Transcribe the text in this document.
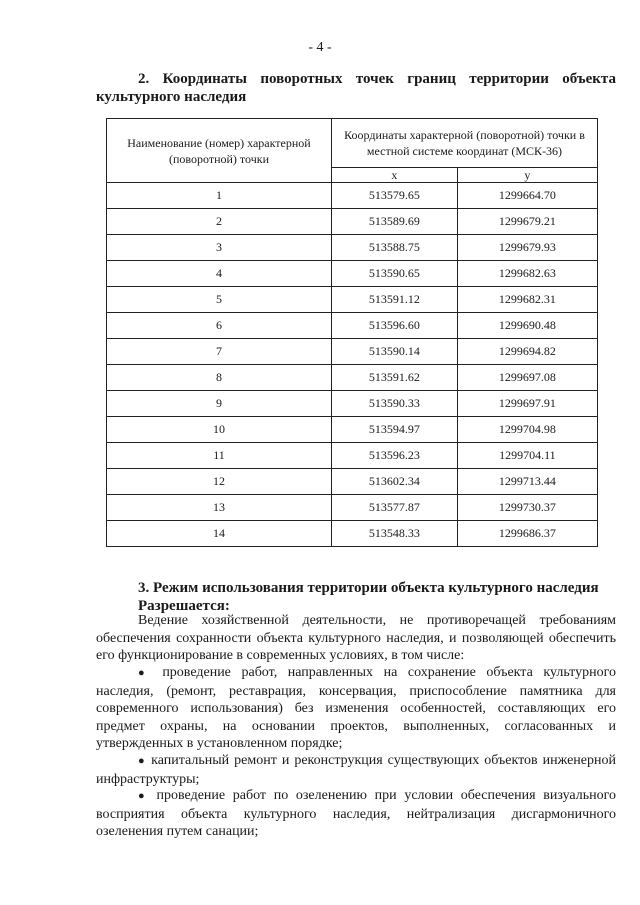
- 4 -
2. Координаты поворотных точек границ территории объекта
культурного наследия
Наименование (номер) характерной (поворотной) точки	Координаты характерной (поворотной) точки в местной системе координат (МСК-36)	
	x	y
1	513579.65	1299664.70
2	513589.69	1299679.21
3	513588.75	1299679.93
4	513590.65	1299682.63
5	513591.12	1299682.31
6	513596.60	1299690.48
7	513590.14	1299694.82
8	513591.62	1299697.08
9	513590.33	1299697.91
10	513594.97	1299704.98
11	513596.23	1299704.11
12	513602.34	1299713.44
13	513577.87	1299730.37
14	513548.33	1299686.37
3. Режим использования территории объекта культурного наследия
Разрешается:
Ведение хозяйственной деятельности, не противоречащей требованиям обеспечения сохранности объекта культурного наследия, и позволяющей обеспечить его функционирование в современных условиях, в том числе:
● проведение работ, направленных на сохранение объекта культурного наследия, (ремонт, реставрация, консервация, приспособление памятника для современного использования) без изменения особенностей, составляющих его предмет охраны, на основании проектов, выполненных, согласованных и утвержденных в установленном порядке;
● капитальный ремонт и реконструкция существующих объектов инженерной инфраструктуры;
● проведение работ по озеленению при условии обеспечения визуального восприятия объекта культурного наследия, нейтрализация дисгармоничного озеленения путем санации;
